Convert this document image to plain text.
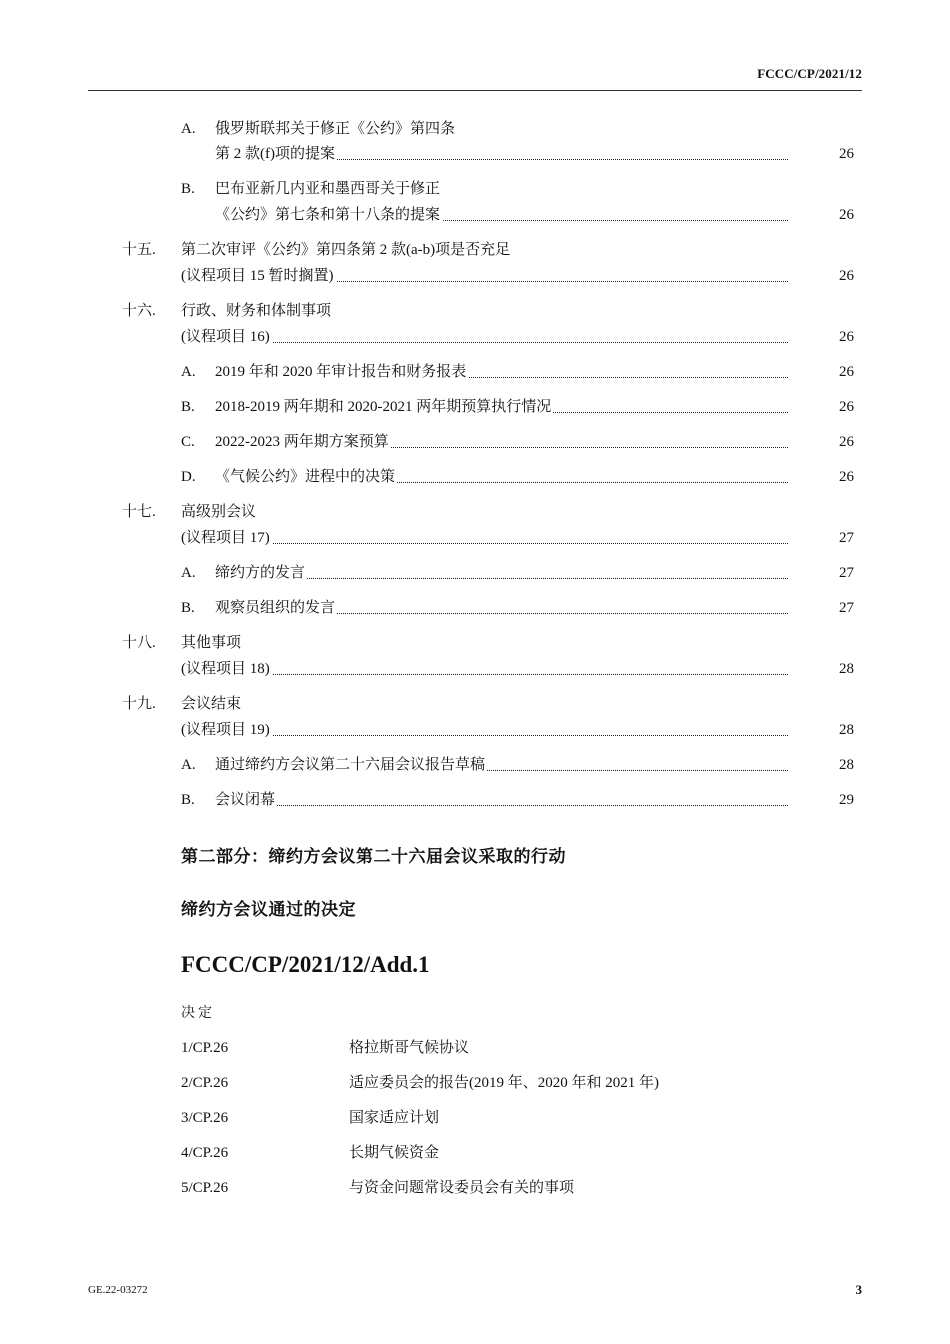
FCCC/CP/2021/12
A. 俄罗斯联邦关于修正《公约》第四条
第 2 款(f)项的提案	26
B. 巴布亚新几内亚和墨西哥关于修正
《公约》第七条和第十八条的提案	26
十五. 第二次审评《公约》第四条第 2 款(a-b)项是否充足
(议程项目 15 暂时搁置)	26
十六. 行政、财务和体制事项
(议程项目 16)	26
A. 2019 年和 2020 年审计报告和财务报表	26
B. 2018-2019 两年期和 2020-2021 两年期预算执行情况	26
C. 2022-2023 两年期方案预算	26
D. 《气候公约》进程中的决策	26
十七. 高级别会议
(议程项目 17)	27
A. 缔约方的发言	27
B. 观察员组织的发言	27
十八. 其他事项
(议程项目 18)	28
十九. 会议结束
(议程项目 19)	28
A. 通过缔约方会议第二十六届会议报告草稿	28
B. 会议闭幕	29
第二部分：缔约方会议第二十六届会议采取的行动
缔约方会议通过的决定
FCCC/CP/2021/12/Add.1
决定
1/CP.26	格拉斯哥气候协议
2/CP.26	适应委员会的报告(2019 年、2020 年和 2021 年)
3/CP.26	国家适应计划
4/CP.26	长期气候资金
5/CP.26	与资金问题常设委员会有关的事项
GE.22-03272	3
